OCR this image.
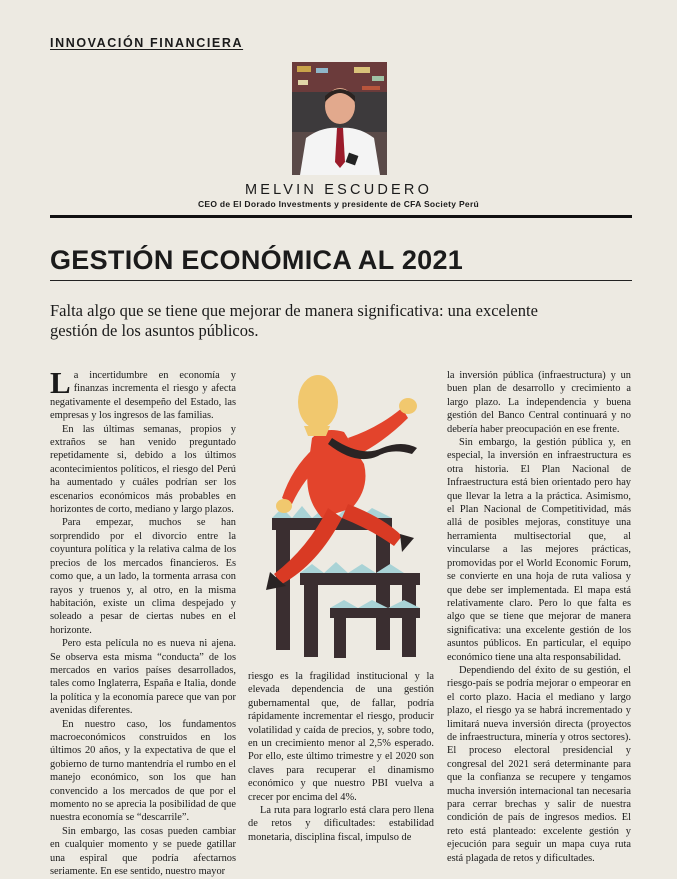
INNOVACIÓN FINANCIERA
MELVIN ESCUDERO
CEO de El Dorado Investments y presidente de CFA Society Perú
GESTIÓN ECONÓMICA AL 2021
Falta algo que se tiene que mejorar de manera significativa: una excelente gestión de los asuntos públicos.

La incertidumbre en economía y finanzas incrementa el riesgo y afecta negativamente el desempeño del Estado, las empresas y los ingresos de las familias.

En las últimas semanas, propios y extraños se han venido preguntado repetidamente si, debido a los últimos acontecimientos políticos, el riesgo del Perú ha aumentado y cuáles podrían ser los escenarios económicos más probables en horizontes de corto, mediano y largo plazos.

Para empezar, muchos se han sorprendido por el divorcio entre la coyuntura política y la relativa calma de los precios de los mercados financieros. Es como que, a un lado, la tormenta arrasa con rayos y truenos y, al otro, en la misma habitación, existe un clima despejado y soleado a pesar de ciertas nubes en el horizonte.

Pero esta película no es nueva ni ajena. Se observa esta misma “conducta” de los mercados en varios países desarrollados, tales como Inglaterra, España e Italia, donde la política y la economía parece que van por avenidas diferentes.

En nuestro caso, los fundamentos macroeconómicos construidos en los últimos 20 años, y la expectativa de que el gobierno de turno mantendría el rumbo en el manejo económico, son los que han convencido a los mercados de que por el momento no se aprecia la posibilidad de que nuestra economía se “descarrile”.

Sin embargo, las cosas pueden cambiar en cualquier momento y se puede gatillar una espiral que podría afectarnos seriamente. En ese sentido, nuestro mayor

riesgo es la fragilidad institucional y la elevada dependencia de una gestión gubernamental que, de fallar, podría rápidamente incrementar el riesgo, producir volatilidad y caída de precios, y, sobre todo, en un crecimiento menor al 2,5% esperado. Por ello, este último trimestre y el 2020 son claves para recuperar el dinamismo económico y que nuestro PBI vuelva a crecer por encima del 4%.

La ruta para lograrlo está clara pero llena de retos y dificultades: estabilidad monetaria, disciplina fiscal, impulso de

la inversión pública (infraestructura) y un buen plan de desarrollo y crecimiento a largo plazo. La independencia y buena gestión del Banco Central continuará y no debería haber preocupación en ese frente.

Sin embargo, la gestión pública y, en especial, la inversión en infraestructura es otra historia. El Plan Nacional de Infraestructura está bien orientado pero hay que llevar la letra a la práctica. Asimismo, el Plan Nacional de Competitividad, más allá de posibles mejoras, constituye una herramienta multisectorial que, al vincularse a las mejores prácticas, promovidas por el World Economic Forum, se convierte en una hoja de ruta valiosa y que debe ser implementada. El mapa está relativamente claro. Pero lo que falta es algo que se tiene que mejorar de manera significativa: una excelente gestión de los asuntos públicos. En particular, el equipo económico tiene una alta responsabilidad.

Dependiendo del éxito de su gestión, el riesgo-país se podría mejorar o empeorar en el corto plazo. Hacia el mediano y largo plazo, el riesgo ya se habrá incrementado y limitará nueva inversión directa (proyectos de infraestructura, minería y otros sectores). El proceso electoral presidencial y congresal del 2021 será determinante para que la confianza se recupere y tengamos mucha inversión internacional tan necesaria para cerrar brechas y salir de nuestra condición de país de ingresos medios. El reto está planteado: excelente gestión y ejecución para seguir un mapa cuya ruta está plagada de retos y dificultades.
